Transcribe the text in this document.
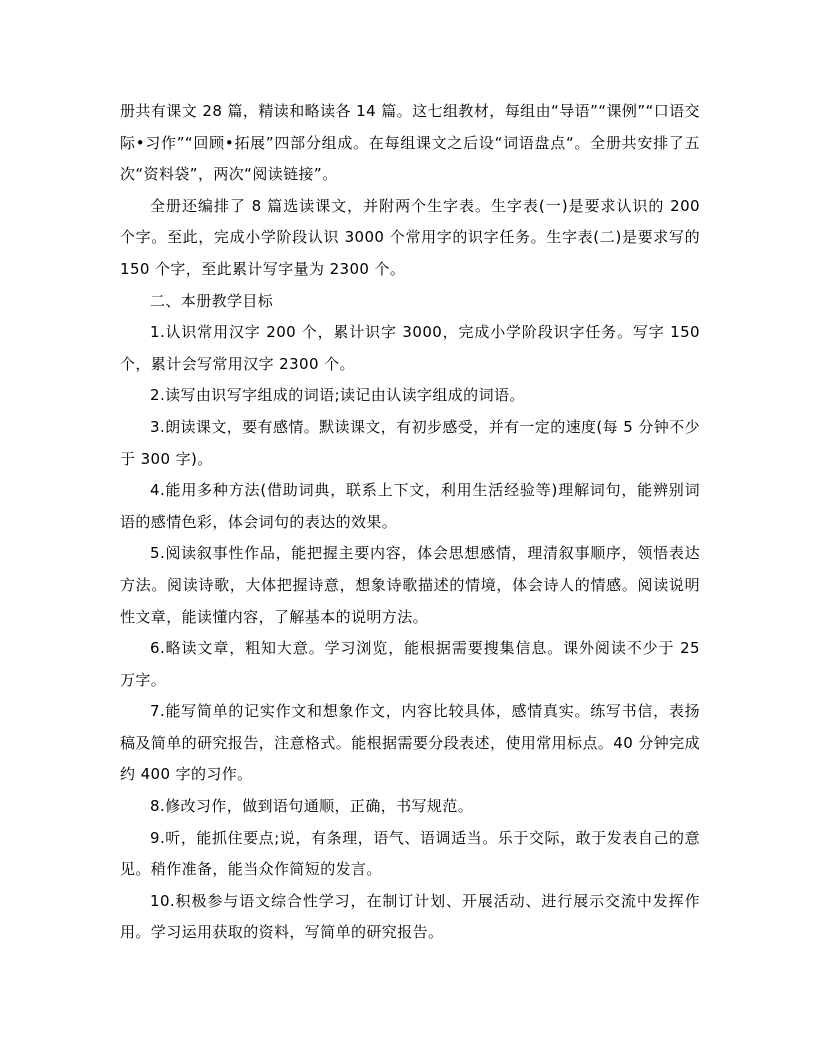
册共有课文 28 篇，精读和略读各 14 篇。这七组教材，每组由“导语”“课例”“口语交际•习作”“回顾•拓展”四部分组成。在每组课文之后设“词语盘点“。全册共安排了五次“资料袋”，两次“阅读链接”。

全册还编排了 8 篇选读课文，并附两个生字表。生字表(一)是要求认识的 200 个字。至此，完成小学阶段认识 3000 个常用字的识字任务。生字表(二)是要求写的 150 个字，至此累计写字量为 2300 个。

二、本册教学目标

1.认识常用汉字 200 个，累计识字 3000，完成小学阶段识字任务。写字 150 个，累计会写常用汉字 2300 个。

2.读写由识写字组成的词语;读记由认读字组成的词语。

3.朗读课文，要有感情。默读课文，有初步感受，并有一定的速度(每 5 分钟不少于 300 字)。

4.能用多种方法(借助词典，联系上下文，利用生活经验等)理解词句，能辨别词语的感情色彩，体会词句的表达的效果。

5.阅读叙事性作品，能把握主要内容，体会思想感情，理清叙事顺序，领悟表达方法。阅读诗歌，大体把握诗意，想象诗歌描述的情境，体会诗人的情感。阅读说明性文章，能读懂内容，了解基本的说明方法。

6.略读文章，粗知大意。学习浏览，能根据需要搜集信息。课外阅读不少于 25 万字。

7.能写简单的记实作文和想象作文，内容比较具体，感情真实。练写书信，表扬稿及简单的研究报告，注意格式。能根据需要分段表述，使用常用标点。40 分钟完成约 400 字的习作。

8.修改习作，做到语句通顺，正确，书写规范。

9.听，能抓住要点;说，有条理，语气、语调适当。乐于交际，敢于发表自己的意见。稍作准备，能当众作简短的发言。

10.积极参与语文综合性学习，在制订计划、开展活动、进行展示交流中发挥作用。学习运用获取的资料，写简单的研究报告。
